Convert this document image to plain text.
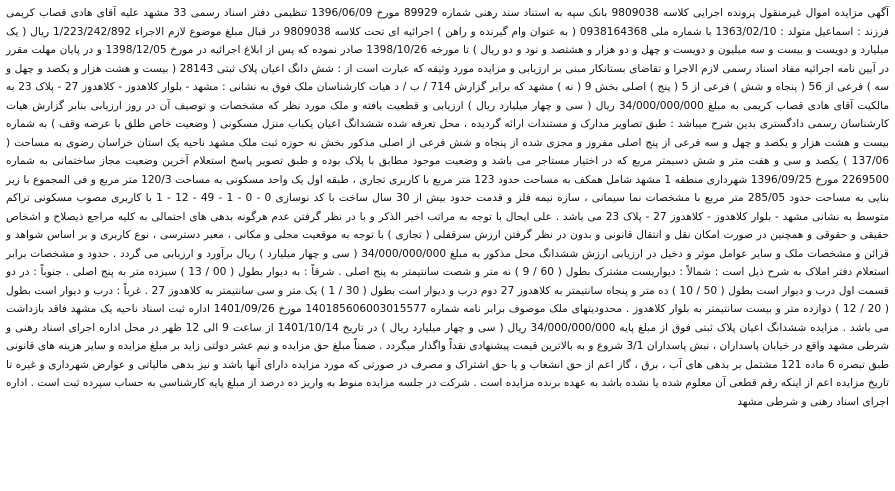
آگهی مزایده اموال غیرمنقول پرونده اجرایی کلاسه 9809038 بانک سپه به استناد سند رهنی شماره 89929 مورخ 1396/06/09 تنظیمی دفتر اسناد رسمی 33 مشهد علیه آقای هادی قصاب کریمی فرزند : اسماعیل متولد : 1363/02/10 با شماره ملی 0938164368 ( به عنوان وام گیرنده و راهن ) اجرائیه ای تحت کلاسه 9809038 در قبال مبلغ موضوع لازم الاجراء 1/223/242/892 ریال ( یک میلیارد و دویست و بیست و سه میلیون و دویست و چهل و دو هزار و هشتصد و نود و دو ریال ) تا مورخه 1398/10/26 صادر نموده که پس از ابلاغ اجرائیه در مورخ 1398/12/05 و در پایان مهلت مقرر در آیین نامه اجرائیه مفاد اسناد رسمی لازم الاجرا و تقاضای بستانکار مبنی بر ارزیابی و مزایده مورد وثیقه که عبارت است از : شش دانگ اعیان پلاک ثبتی 28143 ( بیست و هشت هزار و یکصد و چهل و سه ) فرعی از 56 ( پنجاه و شش ) فرعی از 5 ( پنج ) اصلی بخش 9 ( نه ) مشهد که برابر گزارش 714 / ب / د هیات کارشناسان ملک فوق به نشانی : مشهد - بلوار کلاهدوز - کلاهدوز 27 - پلاک 23 به مالکیت آقای هادی قصاب کریمی به مبلغ 34/000/000/000 ریال ( سی و چهار میلیارد ریال ) ارزیابی و قطعیت یافته و ملک مورد نظر که مشخصات و توصیف آن در روز ارزیابی بنابر گزارش هیات کارشناسان رسمی دادگستری بدین شرح میباشد : طبق تصاویر مدارک و مستندات ارائه گردیده ، محل تعرفه شده ششدانگ اعیان یکباب منزل مسکونی ( وضعیت خاص طلق با عرصه وقف ) به شماره بیست و هشت هزار و یکصد و چهل و سه فرعی از پنج اصلی مفروز و مجزی شده از پنجاه و شش فرعی از اصلی مذکور بخش نه حوزه ثبت ملک مشهد ناحیه یک استان خراسان رضوی به مساحت ( 137/06 ) یکصد و سی و هفت متر و شش دسیمتر مربع که در اختیار مستاجر می باشد و وضعیت موجود مطابق با پلاک بوده و طبق تصویر پاسخ استعلام آخرین وضعیت مجاز ساختمانی به شماره 2269500 مورخ 1396/09/25 شهرداری منطقه 1 مشهد شامل همکف به مساحت حدود 123 متر مربع با کاربری تجاری ، طبقه اول یک واحد مسکونی به مساحت 120/3 متر مربع و فی المجموع با زیر بنایی به مساحت حدود 285/05 متر مربع با مشخصات نما سیمانی ، سازه نیمه فلز و قدمت حدود بیش از 30 سال ساخت با کد نوسازی 0 - 0 - 1 - 49 - 12 - 1 با کاربری مصوب مسکونی تراکم متوسط به نشانی مشهد - بلوار کلاهدوز - کلاهدوز 27 - پلاک 23 می باشد . علی ایحال با توجه به مراتب اخیر الذکر و با در نظر گرفتن عدم هرگونه بدهی های احتمالی به کلیه مراجع ذیصلاح و اشخاص حقیقی و حقوقی و همچنین در صورت امکان نقل و انتقال قانونی و بدون در نظر گرفتن ارزش سرقفلی ( تجاری ) با توجه به موقعیت محلی و مکانی ، معبر دسترسی ، نوع کاربری و بر اساس شواهد و قرائن و مشخصات ملک و سایر عوامل موثر و دخیل در ارزیابی ارزش ششدانگ محل مذکور به مبلغ 34/000/000/000 ( سی و چهار میلیارد ) ریال برآورد و ارزیابی می گردد . حدود و مشخصات برابر استعلام دفتر املاک به شرح ذیل است : شمالاً : دیواریست مشترک بطول ( 60 / 9 ) نه متر و شصت سانتیمتر به پنج اصلی . شرقاً : به دیوار بطول ( 00 / 13 ) سیزده متر به پنج اصلی . جنوباً : در دو قسمت اول درب و دیوار است بطول ( 50 / 10 ) ده متر و پنجاه سانتیمتر به کلاهدوز 27 دوم درب و دیوار است بطول ( 30 / 1 ) یک متر و سی سانتیمتر به کلاهدوز 27 . غرباً : درب و دیوار است بطول ( 20 / 12 ) دوازده متر و بیست سانتیمتر به بلوار کلاهدوز . محدودیتهای ملک موصوف برابر نامه شماره 140185606003015577 مورخ 1401/09/26 اداره ثبت اسناد ناحیه یک مشهد فاقد بازداشت می باشد . مزایده ششدانگ اعیان پلاک ثبتی فوق از مبلغ پایه 34/000/000/000 ریال ( سی و چهار میلیارد ریال ) در تاریخ 1401/10/14 از ساعت 9 الی 12 ظهر در محل اداره اجرای اسناد رهنی و شرطی مشهد واقع در خیابان پاسداران ، نبش پاسداران 3/1 شروع و به بالاترین قیمت پیشنهادی نقداً واگذار میگردد . ضمناً مبلغ حق مزایده و نیم عشر دولتی زاید بر مبلغ مزایده و سایر هزینه های قانونی طبق تبصره 6 ماده 121 مشتمل بر بدهی های آب ، برق ، گاز اعم از حق انشعاب و یا حق اشتراک و مصرف در صورتی که مورد مزایده دارای آنها باشد و نیز بدهی مالیاتی و عوارض شهرداری و غیره تا تاریخ مزایده اعم از اینکه رقم قطعی آن معلوم شده یا نشده باشد به عهده برنده مزایده است . شرکت در جلسه مزایده منوط به واریز ده درصد از مبلغ پایه کارشناسی به حساب سپرده ثبت است . اداره اجرای اسناد رهنی و شرطی مشهد
